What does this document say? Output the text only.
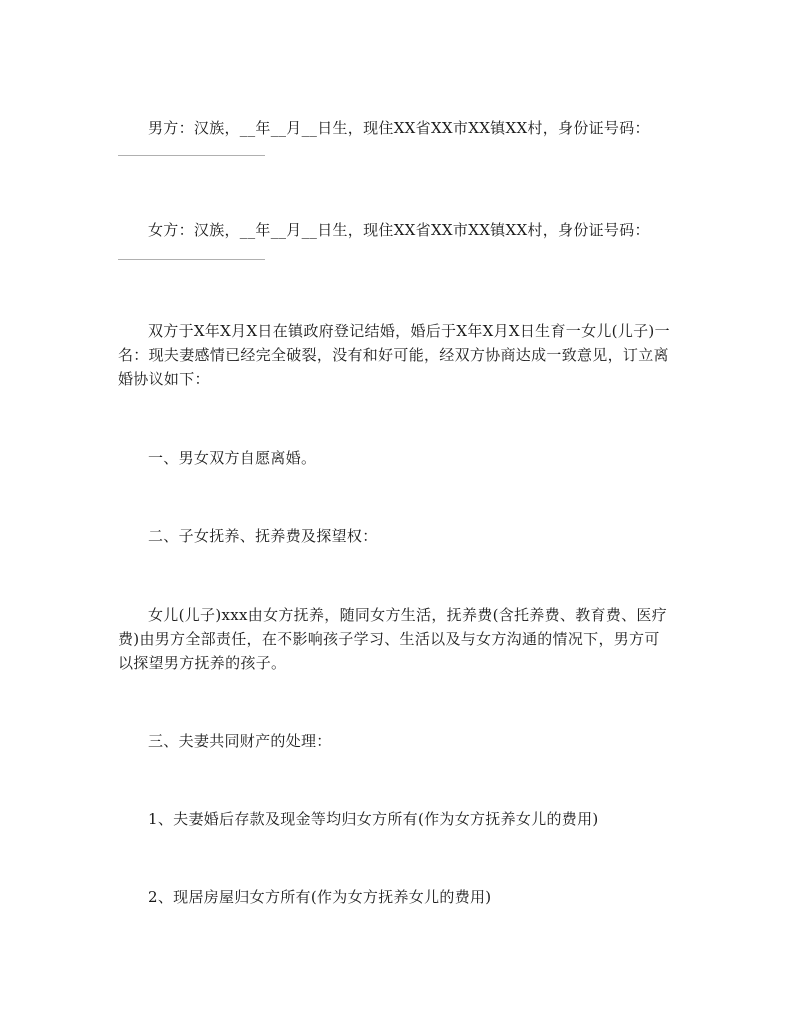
男方：汉族，__年__月__日生，现住XX省XX市XX镇XX村，身份证号码：

女方：汉族，__年__月__日生，现住XX省XX市XX镇XX村，身份证号码：

双方于X年X月X日在镇政府登记结婚，婚后于X年X月X日生育一女儿(儿子)一名：现夫妻感情已经完全破裂，没有和好可能，经双方协商达成一致意见，订立离婚协议如下：

一、男女双方自愿离婚。

二、子女抚养、抚养费及探望权：

女儿(儿子)xxx由女方抚养，随同女方生活，抚养费(含托养费、教育费、医疗费)由男方全部责任，在不影响孩子学习、生活以及与女方沟通的情况下，男方可以探望男方抚养的孩子。

三、夫妻共同财产的处理：

1、夫妻婚后存款及现金等均归女方所有(作为女方抚养女儿的费用)

2、现居房屋归女方所有(作为女方抚养女儿的费用)
